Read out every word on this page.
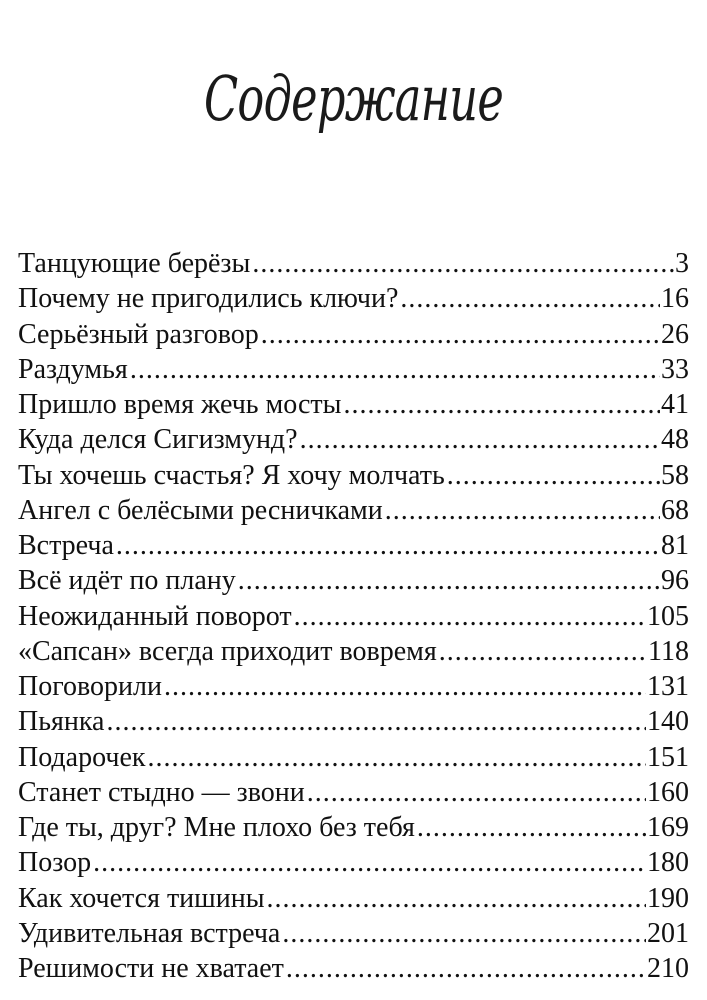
Содержание
Танцующие берёзы .....	3
Почему не пригодились ключи? .....	16
Серьёзный разговор .....	26
Раздумья .....	33
Пришло время жечь мосты .....	41
Куда делся Сигизмунд? .....	48
Ты хочешь счастья? Я хочу молчать .....	58
Ангел с белёсыми ресничками .....	68
Встреча .....	81
Всё идёт по плану .....	96
Неожиданный поворот .....	105
«Сапсан» всегда приходит вовремя .....	118
Поговорили .....	131
Пьянка .....	140
Подарочек .....	151
Станет стыдно — звони .....	160
Где ты, друг? Мне плохо без тебя .....	169
Позор .....	180
Как хочется тишины .....	190
Удивительная встреча .....	201
Решимости не хватает .....	210
